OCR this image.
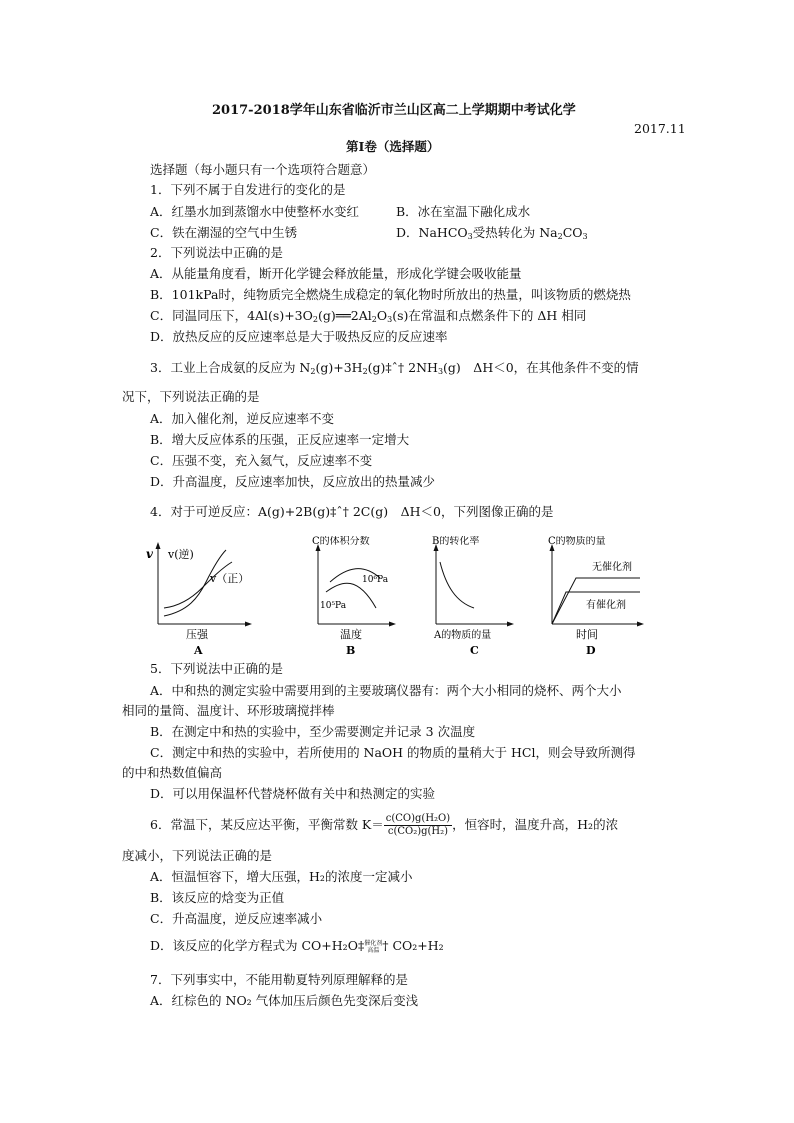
2017-2018学年山东省临沂市兰山区高二上学期期中考试化学
2017.11
第Ⅰ卷（选择题）
选择题（每小题只有一个选项符合题意）
1．下列不属于自发进行的变化的是
A．红墨水加到蒸馏水中使整杯水变红	B．冰在室温下融化成水
C．铁在潮湿的空气中生锈	D．NaHCO$_3$受热转化为 $Na_2CO_3$
2．下列说法中正确的是
A．从能量角度看，断开化学键会释放能量，形成化学键会吸收能量
B．101kPa时，纯物质完全燃烧生成稳定的氧化物时所放出的热量，叫该物质的燃烧热
C．同温同压下，$4Al(s)+3O_2(g)══2Al_2O_3(s)$在常温和点燃条件下的 ΔH 相同
D．放热反应的反应速率总是大于吸热反应的反应速率
3．工业上合成氨的反应为 $N_2(g)+3H_2(g)\ddagger ˆ\dagger$ $2NH_3(g)$　ΔH＜0，在其他条件不变的情
况下，下列说法正确的是
A．加入催化剂，逆反应速率不变
B．增大反应体系的压强，正反应速率一定增大
C．压强不变，充入氦气，反应速率不变
D．升高温度，反应速率加快，反应放出的热量减少
4．对于可逆反应：A(g)+2B(g)‡ˆ† 2C(g)　ΔH＜0，下列图像正确的是
v v(逆)
v（正）
压强
A
C的体积分数
10⁶Pa
10⁵Pa
温度
B
B的转化率
A的物质的量
C
C的物质的量
无催化剂
有催化剂
时间
D
5．下列说法中正确的是
A．中和热的测定实验中需要用到的主要玻璃仪器有：两个大小相同的烧杯、两个大小
相同的量筒、温度计、环形玻璃搅拌棒
B．在测定中和热的实验中，至少需要测定并记录 3 次温度
C．测定中和热的实验中，若所使用的 NaOH 的物质的量稍大于 HCl，则会导致所测得
的中和热数值偏高
D．可以用保温杯代替烧杯做有关中和热测定的实验
6．常温下，某反应达平衡，平衡常数 $K= \frac{\text{c(CO)g(H₂O)}}{\text{c(CO₂)g(H₂)}}$ ，恒容时，温度升高，H₂的浓
度减小，下列说法正确的是
A．恒温恒容下，增大压强，H₂的浓度一定减小
B．该反应的焓变为正值
C．升高温度，逆反应速率减小
D．该反应的化学方程式为 CO+H₂O‡ 催化剂
高温 † CO₂+H₂
7．下列事实中，不能用勒夏特列原理解释的是
A．红棕色的 NO₂ 气体加压后颜色先变深后变浅
